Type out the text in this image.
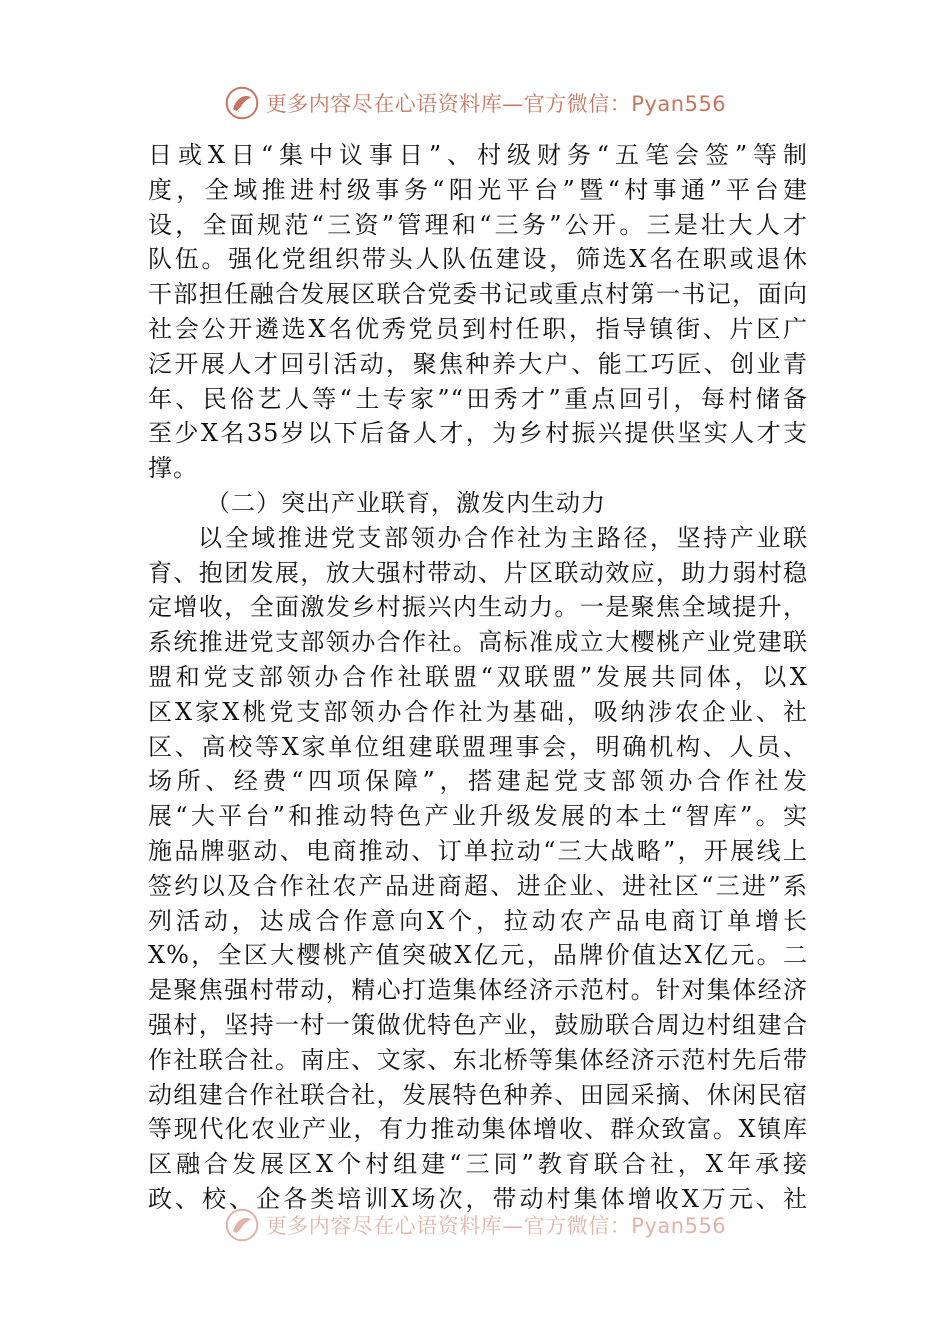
更多内容尽在心语资料库—官方微信：Pyan556
日或X日“集中议事日”、村级财务“五笔会签”等制
度，全域推进村级事务“阳光平台”暨“村事通”平台建
设，全面规范“三资”管理和“三务”公开。三是壮大人才
队伍。强化党组织带头人队伍建设，筛选X名在职或退休
干部担任融合发展区联合党委书记或重点村第一书记，面向
社会公开遴选X名优秀党员到村任职，指导镇街、片区广
泛开展人才回引活动，聚焦种养大户、能工巧匠、创业青
年、民俗艺人等“土专家”“田秀才”重点回引，每村储备
至少X名35岁以下后备人才，为乡村振兴提供坚实人才支
撑。
（二）突出产业联育，激发内生动力
以全域推进党支部领办合作社为主路径，坚持产业联
育、抱团发展，放大强村带动、片区联动效应，助力弱村稳
定增收，全面激发乡村振兴内生动力。一是聚焦全域提升，
系统推进党支部领办合作社。高标准成立大樱桃产业党建联
盟和党支部领办合作社联盟“双联盟”发展共同体，以X
区X家X桃党支部领办合作社为基础，吸纳涉农企业、社
区、高校等X家单位组建联盟理事会，明确机构、人员、
场所、经费“四项保障”，搭建起党支部领办合作社发
展“大平台”和推动特色产业升级发展的本土“智库”。实
施品牌驱动、电商推动、订单拉动“三大战略”，开展线上
签约以及合作社农产品进商超、进企业、进社区“三进”系
列活动，达成合作意向X个，拉动农产品电商订单增长
X%，全区大樱桃产值突破X亿元，品牌价值达X亿元。二
是聚焦强村带动，精心打造集体经济示范村。针对集体经济
强村，坚持一村一策做优特色产业，鼓励联合周边村组建合
作社联合社。南庄、文家、东北桥等集体经济示范村先后带
动组建合作社联合社，发展特色种养、田园采摘、休闲民宿
等现代化农业产业，有力推动集体增收、群众致富。X镇库
区融合发展区X个村组建“三同”教育联合社，X年承接
政、校、企各类培训X场次，带动村集体增收X万元、社
更多内容尽在心语资料库—官方微信：Pyan556
